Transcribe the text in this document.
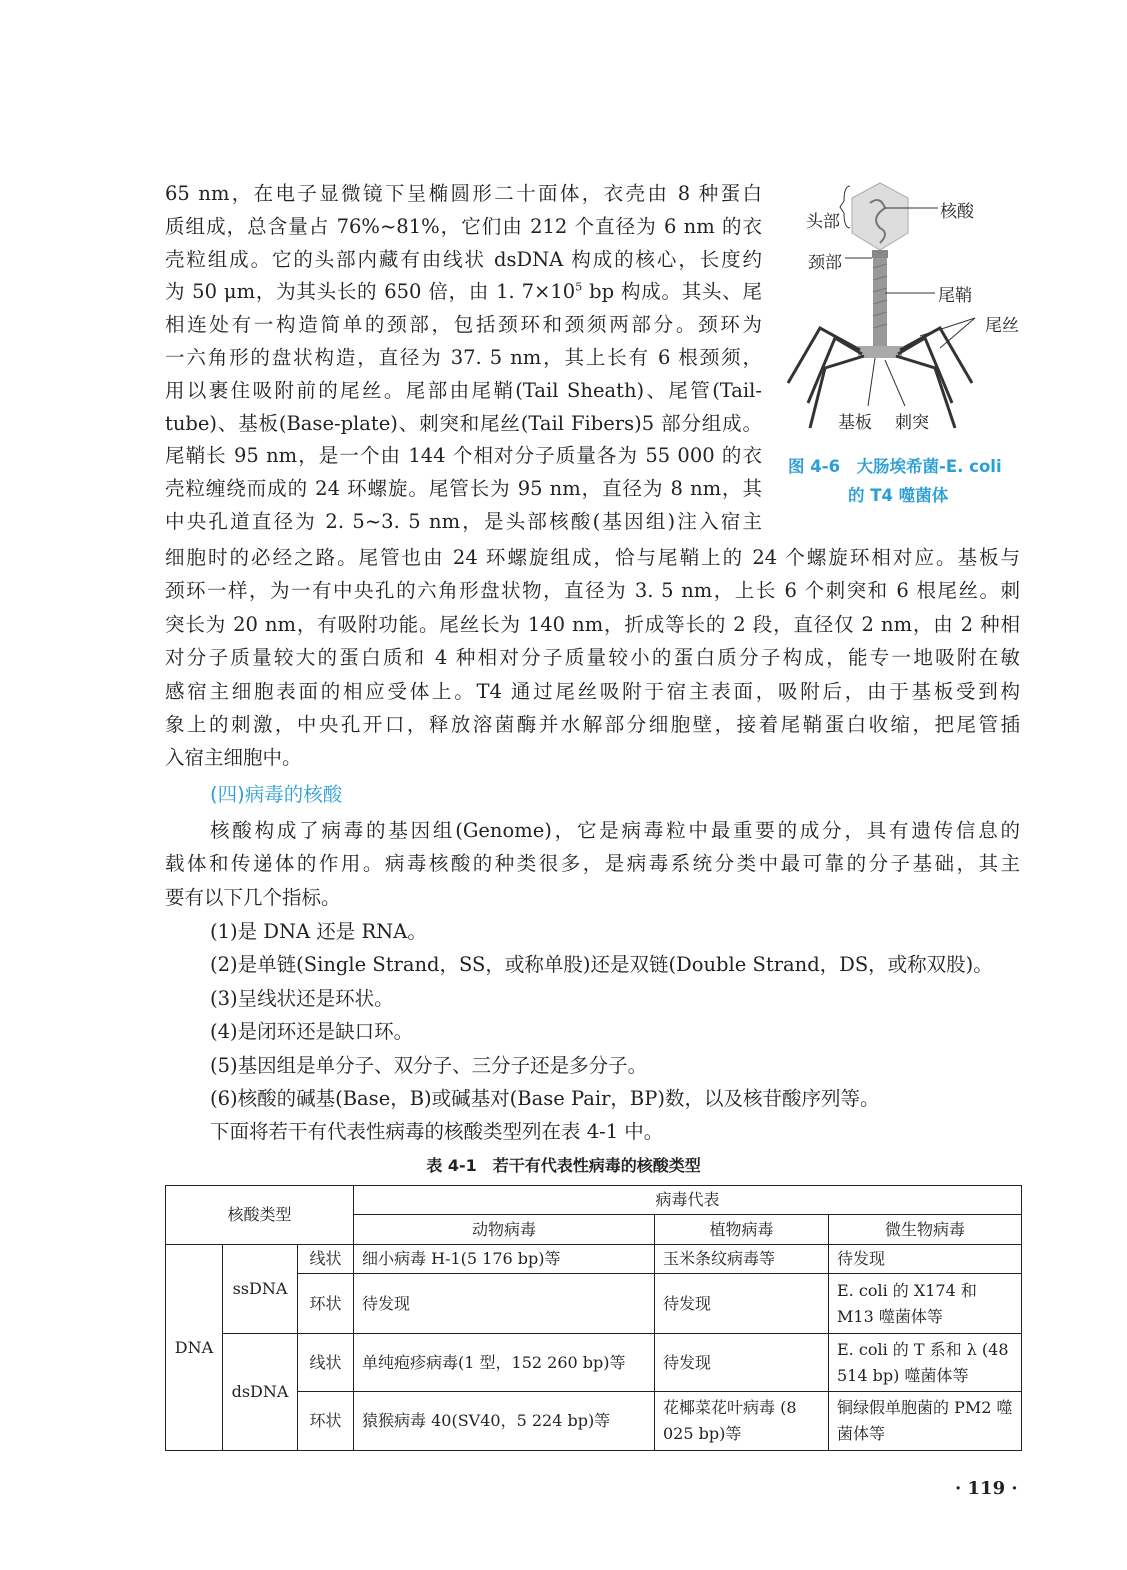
(四)病毒的核酸
头部
颈部
核酸
尾鞘
尾丝
基板 刺突
图 4-6　大肠埃希菌-E. coli
的 T4 噬菌体
表 4-1　若干有代表性病毒的核酸类型
核酸类型			病毒代表		
			动物病毒	植物病毒	微生物病毒
DNA	ssDNA	线状	细小病毒 H-1(5 176 bp)等	玉米条纹病毒等	待发现
		环状	待发现	待发现	E. coli 的 X174 和 M13 噬菌体等
	dsDNA	线状	单纯疱疹病毒(1 型，152 260 bp)等	待发现	E. coli 的 T 系和 λ (48 514 bp) 噬菌体等
		环状	猿猴病毒 40(SV40，5 224 bp)等	花椰菜花叶病毒 (8 025 bp)等	铜绿假单胞菌的 PM2 噬菌体等
· 119 ·
65 nm，在电子显微镜下呈椭圆形二十面体，衣壳由 8 种蛋白
质组成，总含量占 76%~81%，它们由 212 个直径为 6 nm 的衣
壳粒组成。它的头部内藏有由线状 dsDNA 构成的核心，长度约
为 50 μm，为其头长的 650 倍，由 1. $7\times 10^5$ bp 构成。其头、尾
相连处有一构造简单的颈部，包括颈环和颈须两部分。颈环为
一六角形的盘状构造，直径为 37. 5 nm，其上长有 6 根颈须，
用以裹住吸附前的尾丝。尾部由尾鞘(Tail Sheath)、尾管(Tail-
tube)、基板(Base-plate)、刺突和尾丝(Tail Fibers)5 部分组成。
尾鞘长 95 nm，是一个由 144 个相对分子质量各为 55 000 的衣
壳粒缠绕而成的 24 环螺旋。尾管长为 95 nm，直径为 8 nm，其
中央孔道直径为 2. 5~3. 5 nm，是头部核酸(基因组)注入宿主
细胞时的必经之路。尾管也由 24 环螺旋组成，恰与尾鞘上的 24 个螺旋环相对应。基板与
颈环一样，为一有中央孔的六角形盘状物，直径为 3. 5 nm，上长 6 个刺突和 6 根尾丝。刺
突长为 20 nm，有吸附功能。尾丝长为 140 nm，折成等长的 2 段，直径仅 2 nm，由 2 种相
对分子质量较大的蛋白质和 4 种相对分子质量较小的蛋白质分子构成，能专一地吸附在敏
感宿主细胞表面的相应受体上。T4 通过尾丝吸附于宿主表面，吸附后，由于基板受到构
象上的刺激，中央孔开口，释放溶菌酶并水解部分细胞壁，接着尾鞘蛋白收缩，把尾管插
入宿主细胞中。
核酸构成了病毒的基因组(Genome)，它是病毒粒中最重要的成分，具有遗传信息的
载体和传递体的作用。病毒核酸的种类很多，是病毒系统分类中最可靠的分子基础，其主
要有以下几个指标。
(1)是 DNA 还是 RNA。
(2)是单链(Single Strand，SS，或称单股)还是双链(Double Strand，DS，或称双股)。
(3)呈线状还是环状。
(4)是闭环还是缺口环。
(5)基因组是单分子、双分子、三分子还是多分子。
(6)核酸的碱基(Base，B)或碱基对(Base Pair，BP)数，以及核苷酸序列等。
下面将若干有代表性病毒的核酸类型列在表 4-1 中。
